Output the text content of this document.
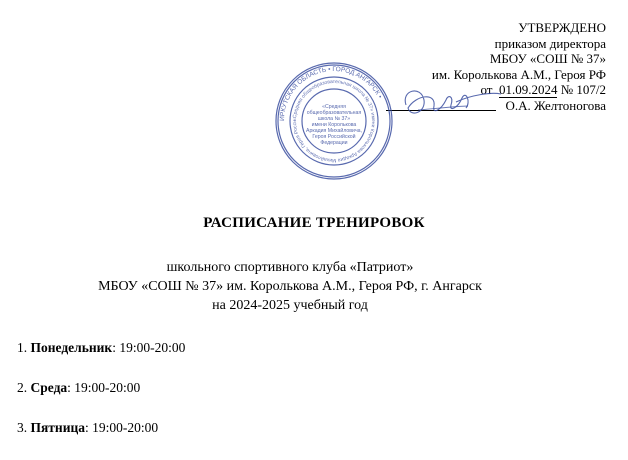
УТВЕРЖДЕНО
приказом директора
МБОУ «СОШ № 37»
им. Королькова А.М., Героя РФ
от 01.09.2024 № 107/2
О.А. Желтоногова
ИРКУТСКАЯ ОБЛАСТЬ • ГОРОД АНГАРСК •
«Средняя общеобразовательная школа № 37» имени Королькова Аркадия Михайловича, Героя Росси
«Средняя общеобразовательная школа № 37» имени Королькова Аркадия Михайловича, Героя Российской Федерации
РАСПИСАНИЕ ТРЕНИРОВОК
школьного спортивного клуба «Патриот»
МБОУ «СОШ № 37» им. Королькова А.М., Героя РФ, г. Ангарск
на 2024-2025 учебный год
1. Понедельник: 19:00-20:00
2. Среда: 19:00-20:00
3. Пятница: 19:00-20:00
